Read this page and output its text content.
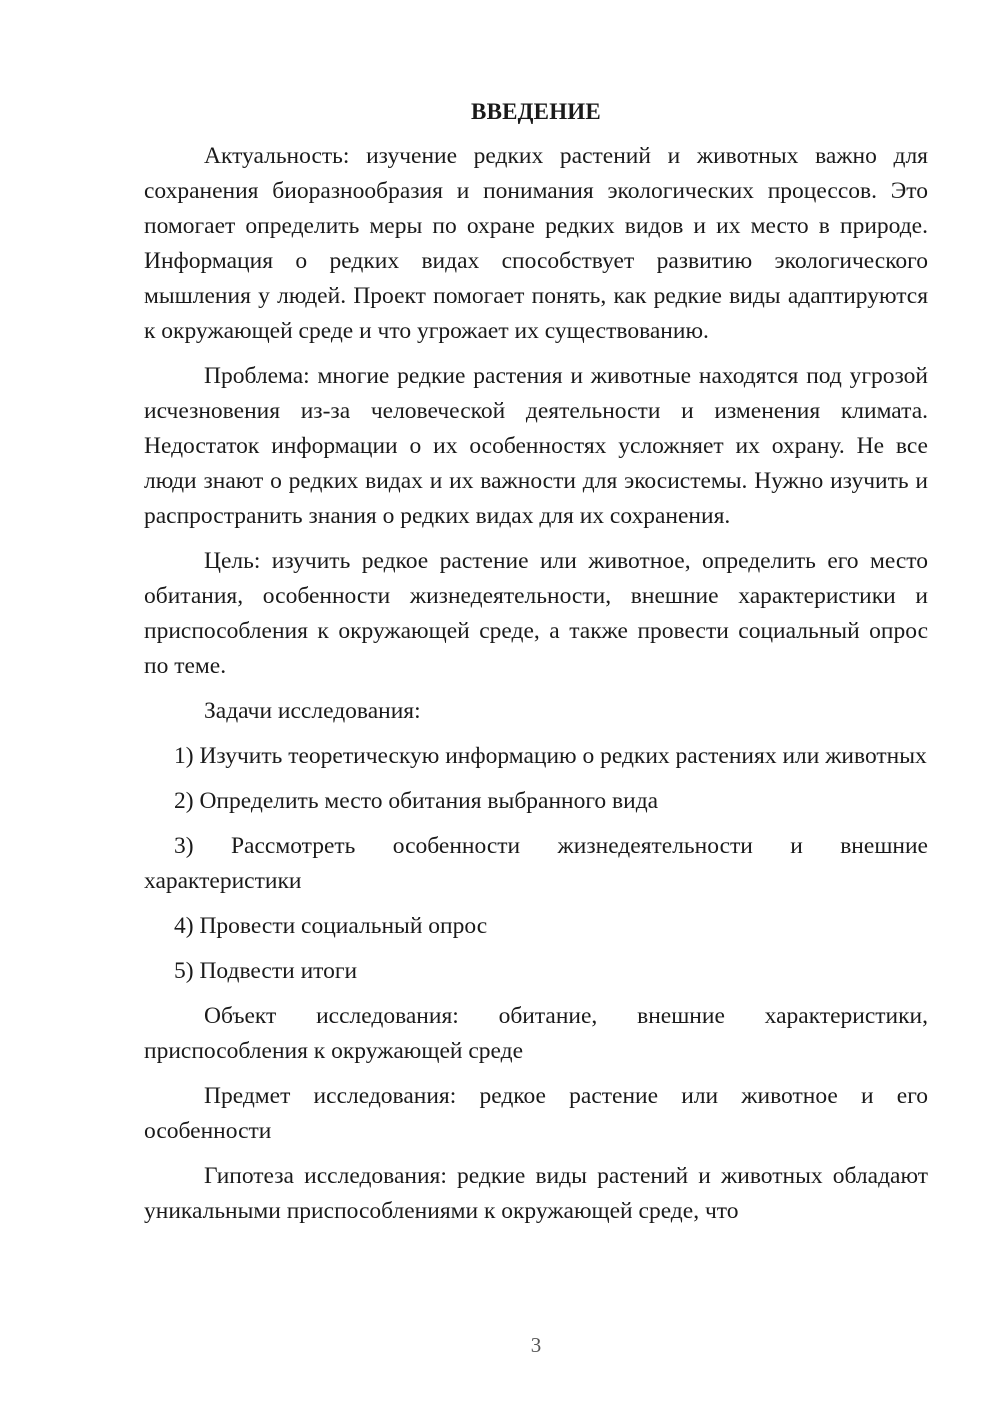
ВВЕДЕНИЕ

Актуальность: изучение редких растений и животных важно для сохранения биоразнообразия и понимания экологических процессов. Это помогает определить меры по охране редких видов и их место в природе. Информация о редких видах способствует развитию экологического мышления у людей. Проект помогает понять, как редкие виды адаптируются к окружающей среде и что угрожает их существованию.

Проблема: многие редкие растения и животные находятся под угрозой исчезновения из-за человеческой деятельности и изменения климата. Недостаток информации о их особенностях усложняет их охрану. Не все люди знают о редких видах и их важности для экосистемы. Нужно изучить и распространить знания о редких видах для их сохранения.

Цель: изучить редкое растение или животное, определить его место обитания, особенности жизнедеятельности, внешние характеристики и приспособления к окружающей среде, а также провести социальный опрос по теме.

Задачи исследования:

1) Изучить теоретическую информацию о редких растениях или животных

2) Определить место обитания выбранного вида

3) Рассмотреть особенности жизнедеятельности и внешние характеристики

4) Провести социальный опрос

5) Подвести итоги

Объект исследования: обитание, внешние характеристики, приспособления к окружающей среде

Предмет исследования: редкое растение или животное и его особенности

Гипотеза исследования: редкие виды растений и животных обладают уникальными приспособлениями к окружающей среде, что

3
